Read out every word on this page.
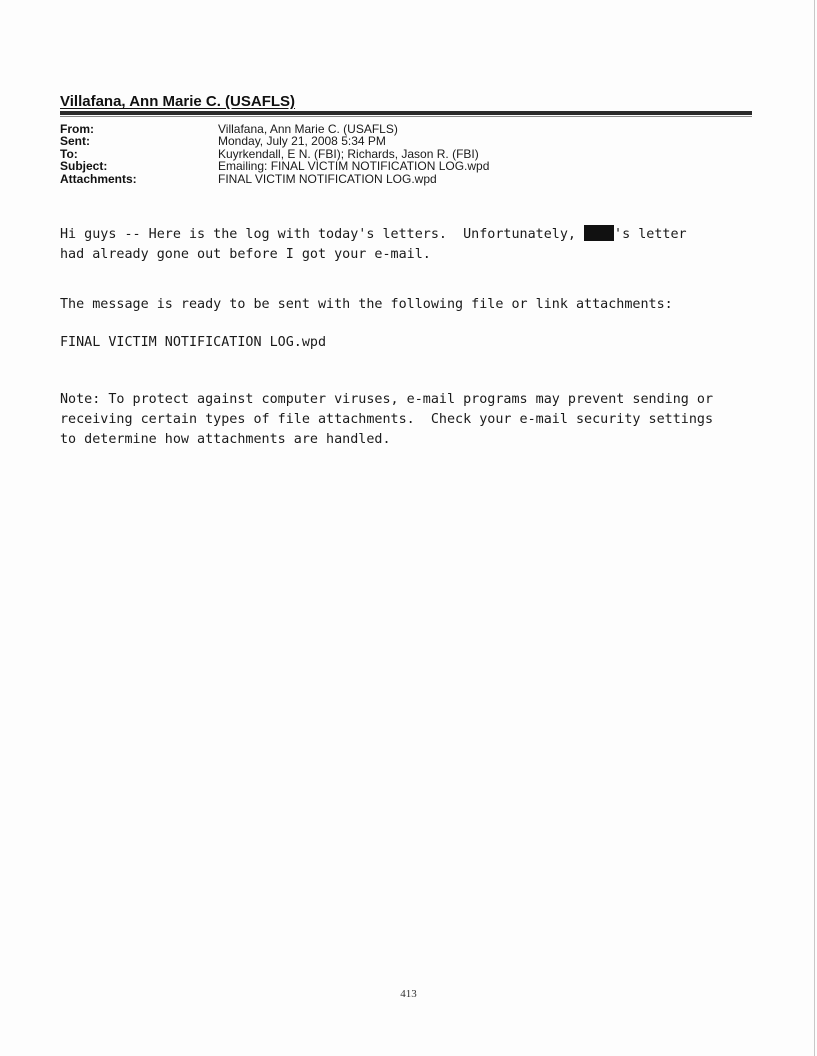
Villafana, Ann Marie C. (USAFLS)
From:	Villafana, Ann Marie C. (USAFLS)
Sent:	Monday, July 21, 2008 5:34 PM
To:	Kuyrkendall, E N. (FBI); Richards, Jason R. (FBI)
Subject:	Emailing: FINAL VICTIM NOTIFICATION LOG.wpd
Attachments:	FINAL VICTIM NOTIFICATION LOG.wpd
Hi guys -- Here is the log with today's letters.  Unfortunately, 's letter
had already gone out before I got your e-mail.
The message is ready to be sent with the following file or link attachments:
FINAL VICTIM NOTIFICATION LOG.wpd
Note: To protect against computer viruses, e-mail programs may prevent sending or
receiving certain types of file attachments.  Check your e-mail security settings
to determine how attachments are handled.
413
